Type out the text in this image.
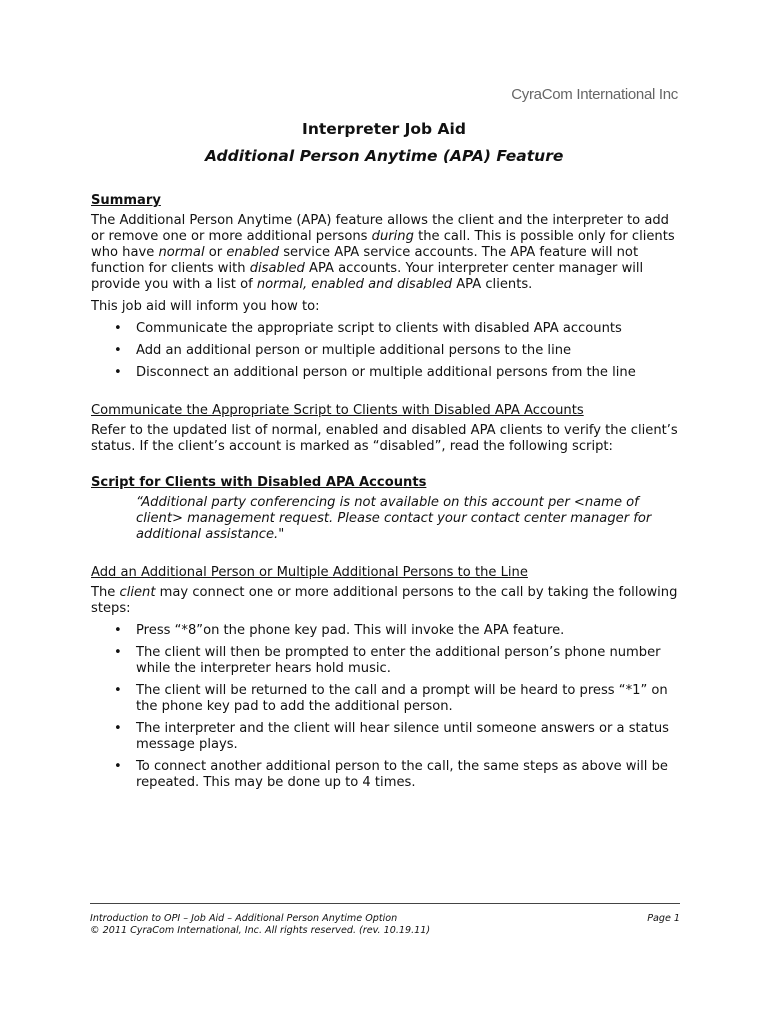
CyraCom International Inc
Interpreter Job Aid
Additional Person Anytime (APA) Feature
Summary

The Additional Person Anytime (APA) feature allows the client and the interpreter to add or remove one or more additional persons during the call. This is possible only for clients who have normal or enabled service APA service accounts. The APA feature will not function for clients with disabled APA accounts. Your interpreter center manager will provide you with a list of normal, enabled and disabled APA clients.

This job aid will inform you how to:

• Communicate the appropriate script to clients with disabled APA accounts
• Add an additional person or multiple additional persons to the line
• Disconnect an additional person or multiple additional persons from the line
Communicate the Appropriate Script to Clients with Disabled APA Accounts

Refer to the updated list of normal, enabled and disabled APA clients to verify the client’s status. If the client’s account is marked as “disabled”, read the following script:

Script for Clients with Disabled APA Accounts

“Additional party conferencing is not available on this account per <name of client> management request. Please contact your contact center manager for additional assistance."

Add an Additional Person or Multiple Additional Persons to the Line

The client may connect one or more additional persons to the call by taking the following steps:

• Press “*8”on the phone key pad. This will invoke the APA feature.
• The client will then be prompted to enter the additional person’s phone number while the interpreter hears hold music.
• The client will be returned to the call and a prompt will be heard to press “*1” on the phone key pad to add the additional person.
• The interpreter and the client will hear silence until someone answers or a status message plays.
• To connect another additional person to the call, the same steps as above will be repeated. This may be done up to 4 times.
Introduction to OPI – Job Aid – Additional Person Anytime Option
© 2011 CyraCom International, Inc. All rights reserved. (rev. 10.19.11)
Page 1
